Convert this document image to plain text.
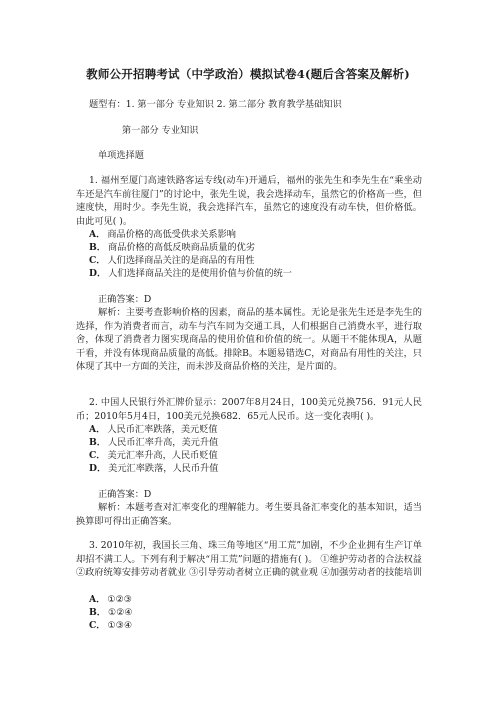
教师公开招聘考试（中学政治）模拟试卷4(题后含答案及解析)
题型有：1. 第一部分 专业知识 2. 第二部分 教育教学基础知识
第一部分 专业知识
单项选择题
1. 福州至厦门高速铁路客运专线(动车)开通后，福州的张先生和李先生在“乘坐动车还是汽车前往厦门”的讨论中，张先生说，我会选择动车，虽然它的价格高一些，但速度快，用时少。李先生说，我会选择汽车，虽然它的速度没有动车快，但价格低。由此可见( )。
A． 商品价格的高低受供求关系影响
B． 商品价格的高低反映商品质量的优劣
C． 人们选择商品关注的是商品的有用性
D． 人们选择商品关注的是使用价值与价值的统一
正确答案：D
解析：主要考查影响价格的因素，商品的基本属性。无论是张先生还是李先生的选择，作为消费者而言，动车与汽车同为交通工具，人们根据自己消费水平，进行取舍，体现了消费者力图实现商品的使用价值和价值的统一。从题干不能体现A，从题干看，并没有体现商品质量的高低。排除B。本题易错选C，对商品有用性的关注，只体现了其中一方面的关注，而未涉及商品价格的关注，是片面的。
2. 中国人民银行外汇牌价显示：2007年8月24日，100美元兑换756．91元人民币；2010年5月4日，100美元兑换682．65元人民币。这一变化表明( )。
A． 人民币汇率跌落，美元贬值
B． 人民币汇率升高，美元升值
C． 美元汇率升高，人民币贬值
D． 美元汇率跌落，人民币升值
正确答案：D
解析：本题考查对汇率变化的理解能力。考生要具备汇率变化的基本知识，适当换算即可得出正确答案。
3. 2010年初，我国长三角、珠三角等地区“用工荒”加剧，不少企业拥有生产订单却招不满工人。下列有利于解决“用工荒”问题的措施有( )。 ①维护劳动者的合法权益 ②政府统筹安排劳动者就业 ③引导劳动者树立正确的就业观 ④加强劳动者的技能培训
A． ①②③
B． ①②④
C． ①③④
